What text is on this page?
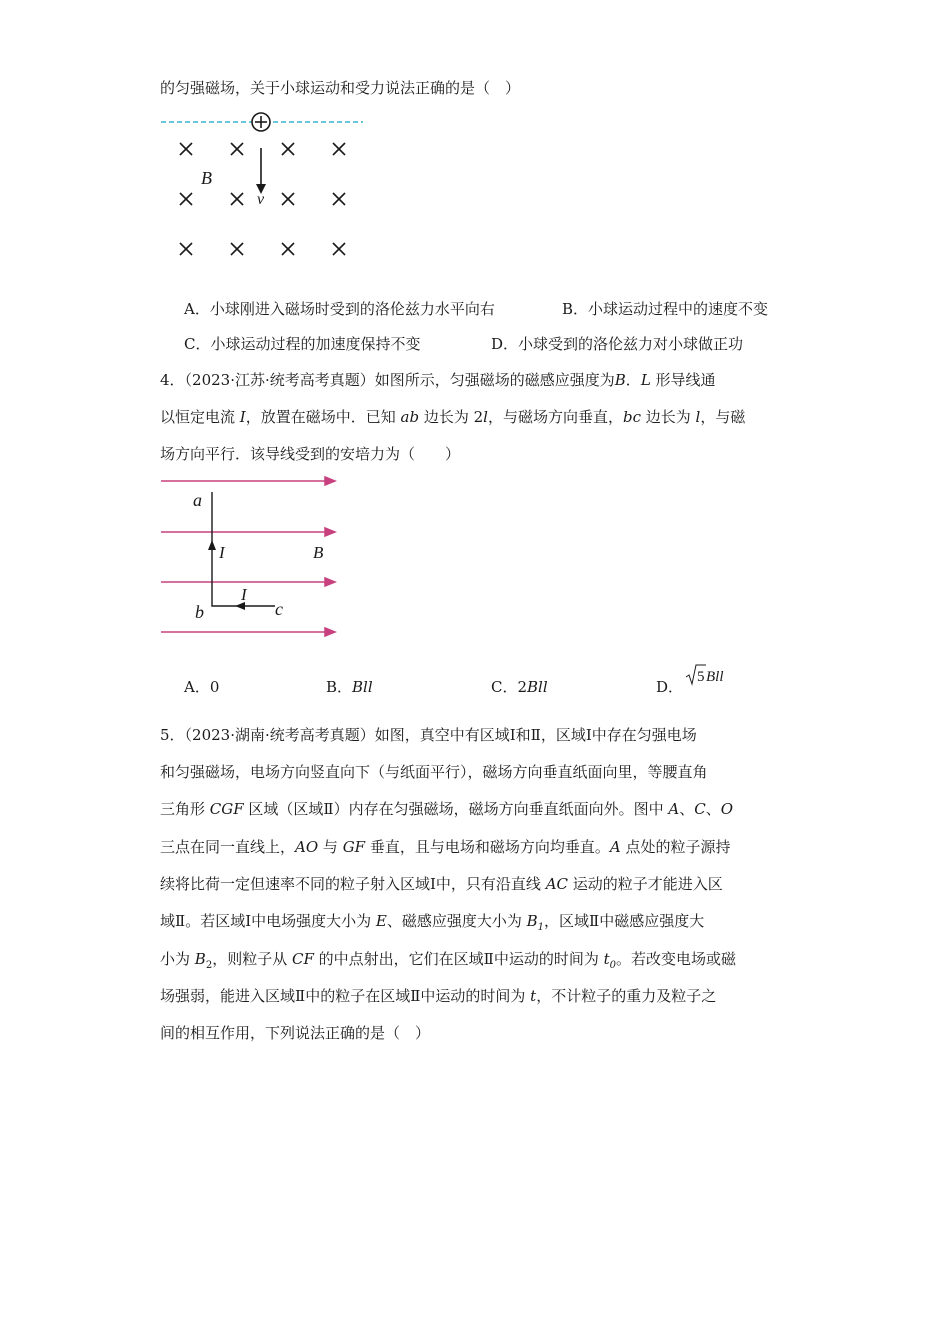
的匀强磁场，关于小球运动和受力说法正确的是（　）
B
v
A．小球刚进入磁场时受到的洛伦兹力水平向右	B．小球运动过程中的速度不变
C．小球运动过程的加速度保持不变	D．小球受到的洛伦兹力对小球做正功
4．（2023·江苏·统考高考真题）如图所示，匀强磁场的磁感应强度为B．L 形导线通
以恒定电流 I，放置在磁场中．已知 ab 边长为 2l，与磁场方向垂直，bc 边长为 l，与磁
场方向平行．该导线受到的安培力为（　　）
a
I	B
I
b	c
A．0	B．Bll	C．2Bll	D．
5 Bll
5．（2023·湖南·统考高考真题）如图，真空中有区域Ⅰ和Ⅱ，区域Ⅰ中存在匀强电场
和匀强磁场，电场方向竖直向下（与纸面平行），磁场方向垂直纸面向里，等腰直角
三角形 CGF 区域（区域Ⅱ）内存在匀强磁场，磁场方向垂直纸面向外。图中 A、C、O
三点在同一直线上，AO 与 GF 垂直，且与电场和磁场方向均垂直。A 点处的粒子源持
续将比荷一定但速率不同的粒子射入区域Ⅰ中，只有沿直线 AC 运动的粒子才能进入区
域Ⅱ。若区域Ⅰ中电场强度大小为 E、磁感应强度大小为 $B_1$，区域Ⅱ中磁感应强度大
小为 $B_2$，则粒子从 CF 的中点射出，它们在区域Ⅱ中运动的时间为 $t_0$。若改变电场或磁
场强弱，能进入区域Ⅱ中的粒子在区域Ⅱ中运动的时间为 t，不计粒子的重力及粒子之
间的相互作用，下列说法正确的是（　）
